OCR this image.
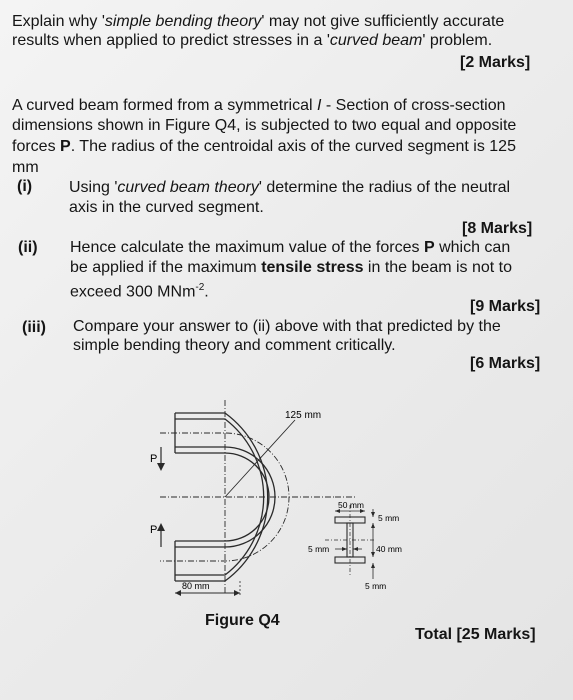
Explain why 'simple bending theory' may not give sufficiently accurate
results when applied to predict stresses in a 'curved beam' problem.
[2 Marks]
A curved beam formed from a symmetrical I - Section of cross-section
dimensions shown in Figure Q4, is subjected to two equal and opposite
forces P. The radius of the centroidal axis of the curved segment is 125
mm
(i) Using 'curved beam theory' determine the radius of the neutral
axis in the curved segment.
[8 Marks]
(ii) Hence calculate the maximum value of the forces P which can
be applied if the maximum tensile stress in the beam is not to
exceed 300 MNm$^{-2}$.
[9 Marks]
(iii) Compare your answer to (ii) above with that predicted by the
simple bending theory and comment critically.
[6 Marks]
125 mm
P
P
80 mm
50 mm
5 mm
40 mm
5 mm
5 mm
Figure Q4
Total [25 Marks]
